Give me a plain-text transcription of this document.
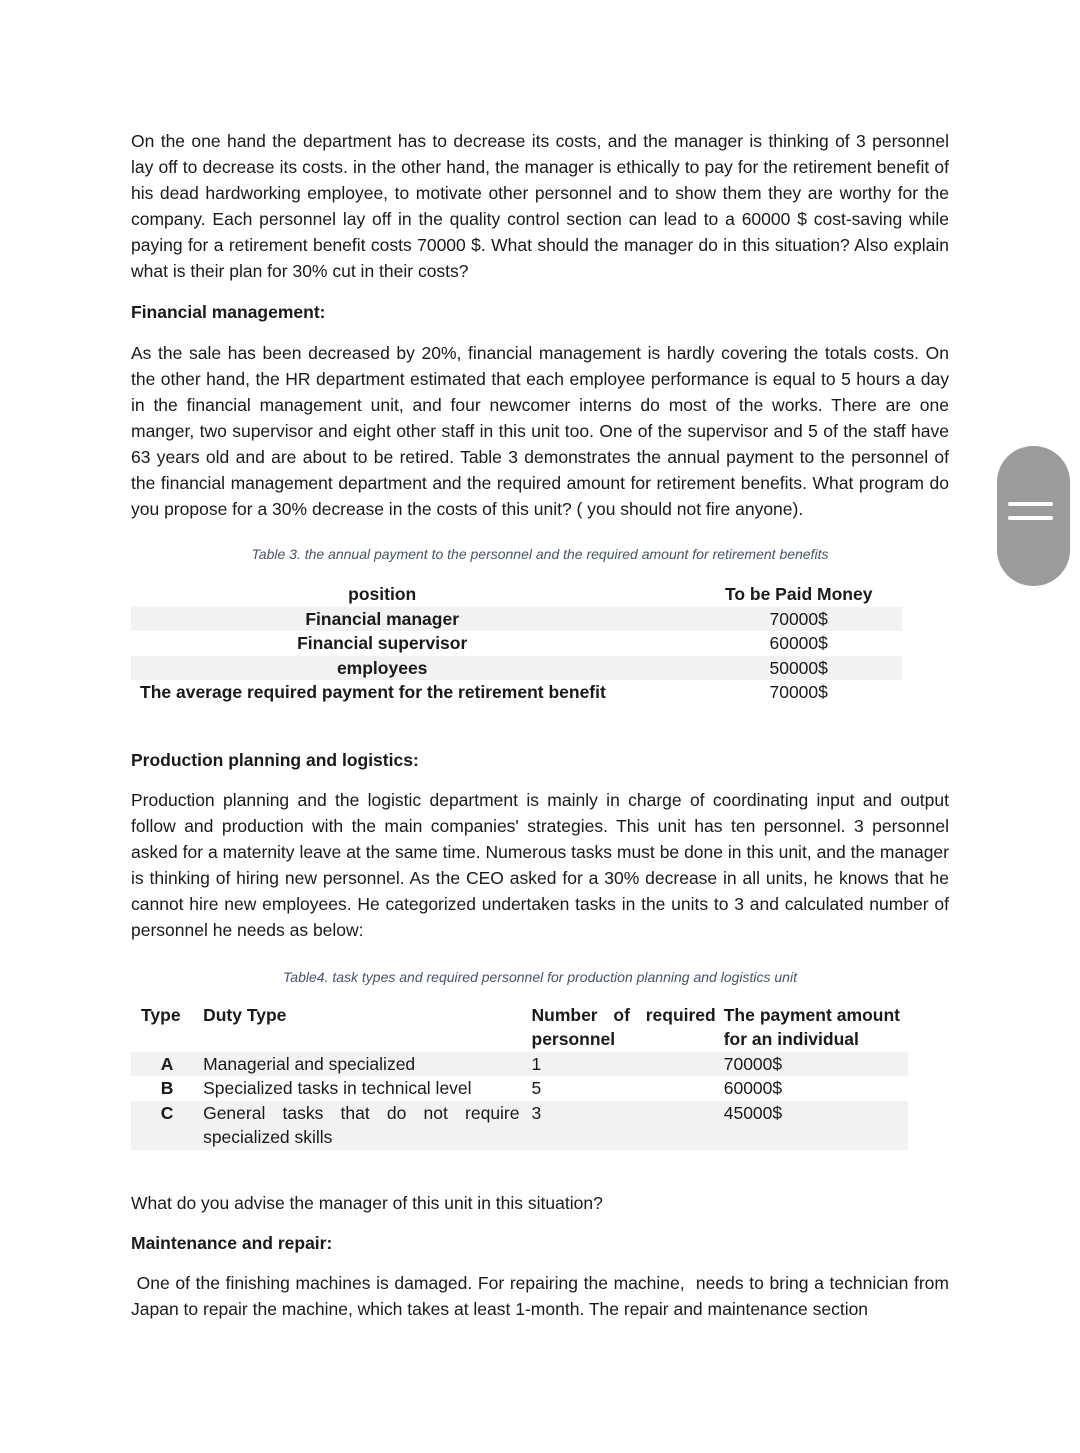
On the one hand the department has to decrease its costs, and the manager is thinking of 3 personnel lay off to decrease its costs. in the other hand, the manager is ethically to pay for the retirement benefit of his dead hardworking employee, to motivate other personnel and to show them they are worthy for the company. Each personnel lay off in the quality control section can lead to a 60000 $ cost-saving while paying for a retirement benefit costs 70000 $. What should the manager do in this situation? Also explain what is their plan for 30% cut in their costs?

Financial management:

As the sale has been decreased by 20%, financial management is hardly covering the totals costs. On the other hand, the HR department estimated that each employee performance is equal to 5 hours a day in the financial management unit, and four newcomer interns do most of the works. There are one manger, two supervisor and eight other staff in this unit too. One of the supervisor and 5 of the staff have 63 years old and are about to be retired. Table 3 demonstrates the annual payment to the personnel of the financial management department and the required amount for retirement benefits. What program do you propose for a 30% decrease in the costs of this unit? ( you should not fire anyone).

Table 3. the annual payment to the personnel and the required amount for retirement benefits

position	To be Paid Money
Financial manager	70000$
Financial supervisor	60000$
employees	50000$
The average required payment for the retirement benefit	70000$

Production planning and logistics:

Production planning and the logistic department is mainly in charge of coordinating input and output follow and production with the main companies' strategies. This unit has ten personnel. 3 personnel asked for a maternity leave at the same time. Numerous tasks must be done in this unit, and the manager is thinking of hiring new personnel. As the CEO asked for a 30% decrease in all units, he knows that he cannot hire new employees. He categorized undertaken tasks in the units to 3 and calculated number of personnel he needs as below:

Table4. task types and required personnel for production planning and logistics unit

Type	Duty Type	Number of required personnel	The payment amount for an individual
A	Managerial and specialized	1	70000$
B	Specialized tasks in technical level	5	60000$
C	General tasks that do not require specialized skills	3	45000$

What do you advise the manager of this unit in this situation?

Maintenance and repair:

One of the finishing machines is damaged. For repairing the machine,  needs to bring a technician from Japan to repair the machine, which takes at least 1-month. The repair and maintenance section
